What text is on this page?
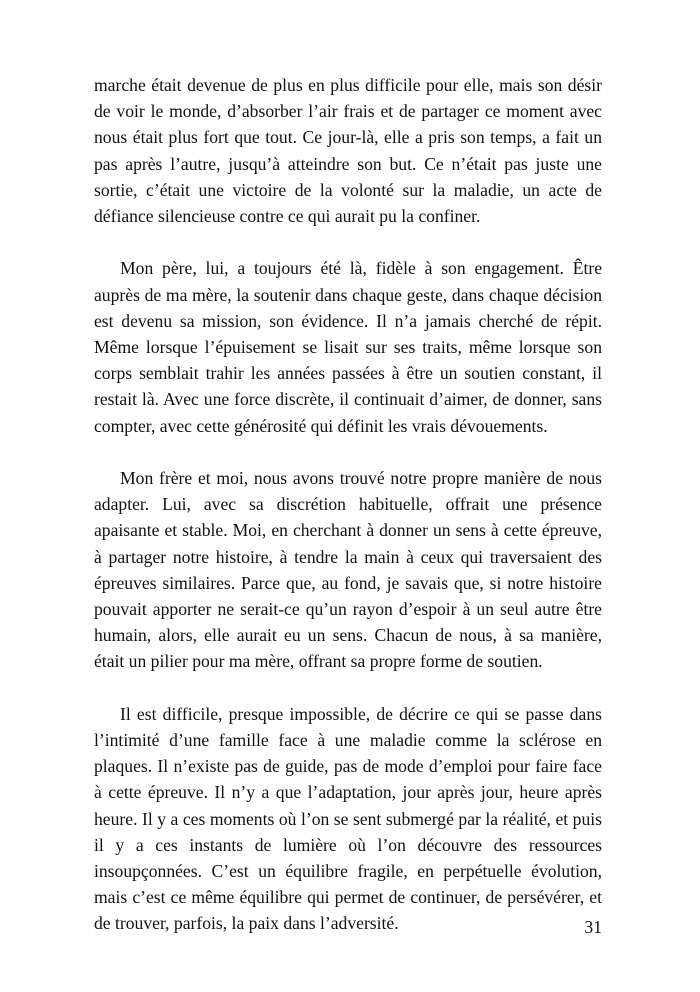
marche était devenue de plus en plus difficile pour elle, mais son désir de voir le monde, d’absorber l’air frais et de partager ce moment avec nous était plus fort que tout. Ce jour-là, elle a pris son temps, a fait un pas après l’autre, jusqu’à atteindre son but. Ce n’était pas juste une sortie, c’était une victoire de la volonté sur la maladie, un acte de défiance silencieuse contre ce qui aurait pu la confiner.

Mon père, lui, a toujours été là, fidèle à son engagement. Être auprès de ma mère, la soutenir dans chaque geste, dans chaque décision est devenu sa mission, son évidence. Il n’a jamais cherché de répit. Même lorsque l’épuisement se lisait sur ses traits, même lorsque son corps semblait trahir les années passées à être un soutien constant, il restait là. Avec une force discrète, il continuait d’aimer, de donner, sans compter, avec cette générosité qui définit les vrais dévouements.

Mon frère et moi, nous avons trouvé notre propre manière de nous adapter. Lui, avec sa discrétion habituelle, offrait une présence apaisante et stable. Moi, en cherchant à donner un sens à cette épreuve, à partager notre histoire, à tendre la main à ceux qui traversaient des épreuves similaires. Parce que, au fond, je savais que, si notre histoire pouvait apporter ne serait-ce qu’un rayon d’espoir à un seul autre être humain, alors, elle aurait eu un sens. Chacun de nous, à sa manière, était un pilier pour ma mère, offrant sa propre forme de soutien.

Il est difficile, presque impossible, de décrire ce qui se passe dans l’intimité d’une famille face à une maladie comme la sclérose en plaques. Il n’existe pas de guide, pas de mode d’emploi pour faire face à cette épreuve. Il n’y a que l’adaptation, jour après jour, heure après heure. Il y a ces moments où l’on se sent submergé par la réalité, et puis il y a ces instants de lumière où l’on découvre des ressources insoupçonnées. C’est un équilibre fragile, en perpétuelle évolution, mais c’est ce même équilibre qui permet de continuer, de persévérer, et de trouver, parfois, la paix dans l’adversité.	31
